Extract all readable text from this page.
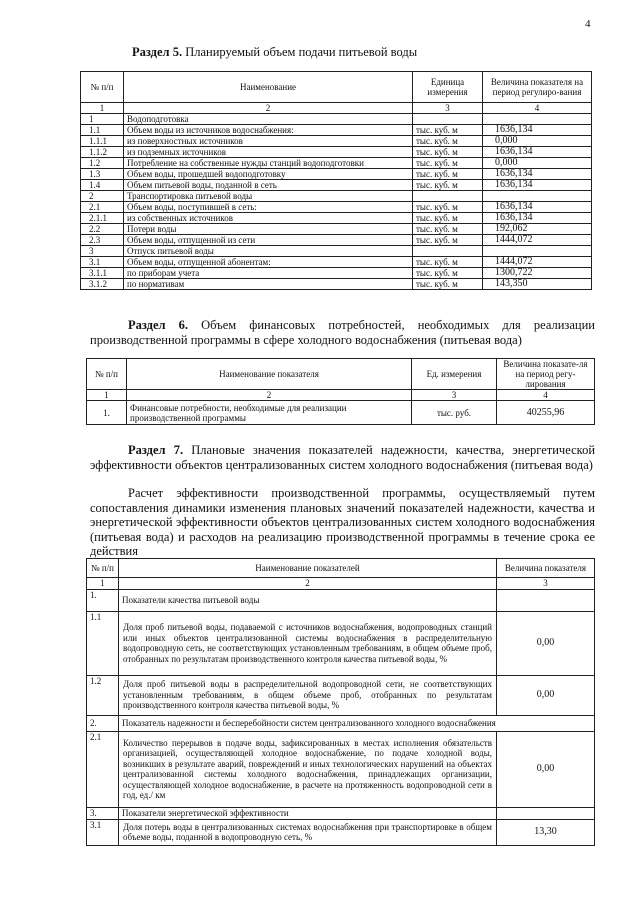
4
Раздел 5. Планируемый объем подачи питьевой воды
№ п/п	Наименование	Единица измерения	Величина показателя на период регулиро-вания
1	2	3	4
1	Водоподготовка		
1.1	Объем воды из источников водоснабжения:	тыс. куб. м	1636,134
1.1.1	из поверхностных источников	тыс. куб. м	0,000
1.1.2	из подземных источников	тыс. куб. м	1636,134
1.2	Потребление на собственные нужды станций водоподготовки	тыс. куб. м	0,000
1.3	Объем воды, прошедшей водоподготовку	тыс. куб. м	1636,134
1.4	Объем питьевой воды, поданной в сеть	тыс. куб. м	1636,134
2	Транспортировка питьевой воды		
2.1	Объем воды, поступившей в сеть:	тыс. куб. м	1636,134
2.1.1	из собственных источников	тыс. куб. м	1636,134
2.2	Потери воды	тыс. куб. м	192,062
2.3	Объем воды, отпущенной из сети	тыс. куб. м	1444,072
3	Отпуск питьевой воды		
3.1	Объем воды, отпущенной абонентам:	тыс. куб. м	1444,072
3.1.1	по приборам учета	тыс. куб. м	1300,722
3.1.2	по нормативам	тыс. куб. м	143,350
Раздел 6. Объем финансовых потребностей, необходимых для реализации производственной программы в сфере холодного водоснабжения (питьевая вода)
№ п/п	Наименование показателя	Ед. измерения	Величина показате-ля на период регу-лирования
1	2	3	4
1.	Финансовые потребности, необходимые для реализации производственной программы	тыс. руб.	40255,96
Раздел 7. Плановые значения показателей надежности, качества, энергетической эффективности объектов централизованных систем холодного водоснабжения (питьевая вода)
Расчет эффективности производственной программы, осуществляемый путем сопоставления динамики изменения плановых значений показателей надежности, качества и энергетической эффективности объектов централизованных систем холодного водоснабжения (питьевая вода) и расходов на реализацию производственной программы в течение срока ее действия
№ п/п	Наименование показателей	Величина показателя
1	2	3
1.	Показатели качества питьевой воды	
1.1	Доля проб питьевой воды, подаваемой с источников водоснабжения, водопроводных станций или иных объектов централизованной системы водоснабжения в распределительную водопроводную сеть, не соответствующих установленным требованиям, в общем объеме проб, отобранных по результатам производственного контроля качества питьевой воды, %	0,00
1.2	Доля проб питьевой воды в распределительной водопроводной сети, не соответствующих установленным требованиям, в общем объеме проб, отобранных по результатам производственного контроля качества питьевой воды, %	0,00
2.	Показатель надежности и бесперебойности систем централизованного холодного водоснабжения	
2.1	Количество перерывов в подаче воды, зафиксированных в местах исполнения обязательств организацией, осуществляющей холодное водоснабжение, по подаче холодной воды, возникших в результате аварий, повреждений и иных технологических нарушений на объектах централизованной системы холодного водоснабжения, принадлежащих организации, осуществляющей холодное водоснабжение, в расчете на протяженность водопроводной сети в год, ед./ км	0,00
3.	Показатели энергетической эффективности	
3.1	Доля потерь воды в централизованных системах водоснабжения при транспортировке в общем объеме воды, поданной в водопроводную сеть, %	13,30
